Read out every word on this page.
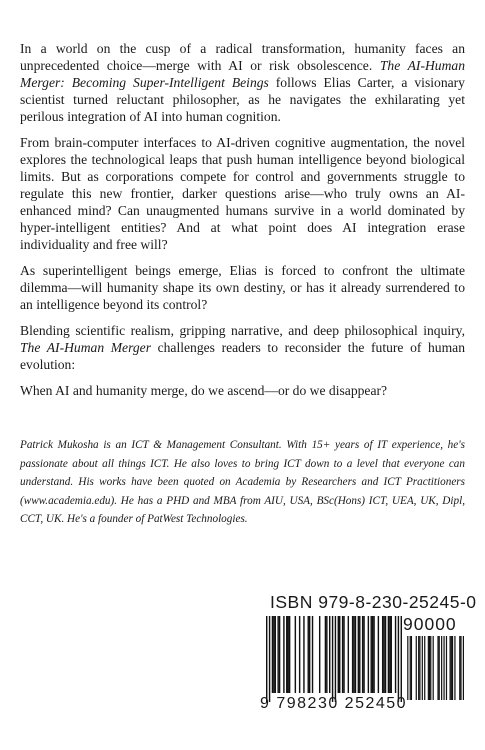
In a world on the cusp of a radical transformation, humanity faces an unprecedented choice—merge with AI or risk obsolescence. The AI-Human Merger: Becoming Super-Intelligent Beings follows Elias Carter, a visionary scientist turned reluctant philosopher, as he navigates the exhilarating yet perilous integration of AI into human cognition.

From brain-computer interfaces to AI-driven cognitive augmentation, the novel explores the technological leaps that push human intelligence beyond biological limits. But as corporations compete for control and governments struggle to regulate this new frontier, darker questions arise—who truly owns an AI-enhanced mind? Can unaugmented humans survive in a world dominated by hyper-intelligent entities? And at what point does AI integration erase individuality and free will?

As superintelligent beings emerge, Elias is forced to confront the ultimate dilemma—will humanity shape its own destiny, or has it already surrendered to an intelligence beyond its control?

Blending scientific realism, gripping narrative, and deep philosophical inquiry, The AI-Human Merger challenges readers to reconsider the future of human evolution:

When AI and humanity merge, do we ascend—or do we disappear?

Patrick Mukosha is an ICT & Management Consultant. With 15+ years of IT experience, he's passionate about all things ICT. He also loves to bring ICT down to a level that everyone can understand. His works have been quoted on Academia by Researchers and ICT Practitioners (www.academia.edu). He has a PHD and MBA from AIU, USA, BSc(Hons) ICT, UEA, UK, Dipl, CCT, UK. He's a founder of PatWest Technologies.

ISBN 979-8-230-25245-0
90000
9 798230 252450
